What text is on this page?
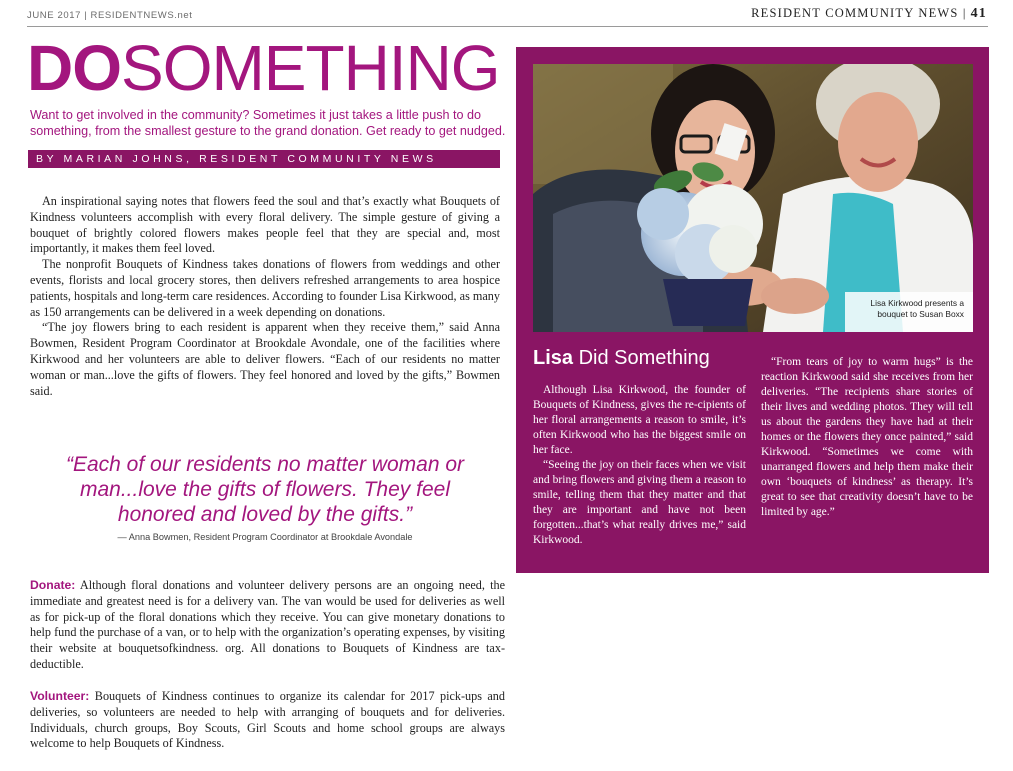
JUNE 2017 | RESIDENTNEWS.net	RESIDENT COMMUNITY NEWS | 41
DOSOMETHING
Want to get involved in the community? Sometimes it just takes a little push to do something, from the smallest gesture to the grand donation. Get ready to get nudged.
BY MARIAN JOHNS, RESIDENT COMMUNITY NEWS

An inspirational saying notes that flowers feed the soul and that’s exactly what Bouquets of Kindness volunteers accomplish with every floral delivery. The simple gesture of giving a bouquet of brightly colored flowers makes people feel that they are special and, most importantly, it makes them feel loved.

The nonprofit Bouquets of Kindness takes donations of flowers from weddings and other events, florists and local grocery stores, then delivers refreshed arrangements to area hospice patients, hospitals and long-term care residences. According to founder Lisa Kirkwood, as many as 150 arrangements can be delivered in a week depending on donations.

“The joy flowers bring to each resident is apparent when they receive them,” said Anna Bowmen, Resident Program Coordinator at Brookdale Avondale, one of the facilities where Kirkwood and her volunteers are able to deliver flowers. “Each of our residents no matter woman or man...love the gifts of flowers. They feel honored and loved by the gifts,” Bowmen said.

“Each of our residents no matter woman or man...love the gifts of flowers. They feel honored and loved by the gifts.”
— Anna Bowmen, Resident Program Coordinator at Brookdale Avondale
Donate: Although floral donations and volunteer delivery persons are an ongoing need, the immediate and greatest need is for a delivery van. The van would be used for deliveries as well as for pick-up of the floral donations which they receive. You can give monetary donations to help fund the purchase of a van, or to help with the organization’s operating expenses, by visiting their website at bouquetsofkindness. org. All donations to Bouquets of Kindness are tax-deductible.
Volunteer: Bouquets of Kindness continues to organize its calendar for 2017 pick-ups and deliveries, so volunteers are needed to help with arranging of bouquets and for deliveries. Individuals, church groups, Boy Scouts, Girl Scouts and home school groups are always welcome to help Bouquets of Kindness.
Lisa Kirkwood presents a bouquet to Susan Boxx
Lisa Did Something

Although Lisa Kirkwood, the founder of Bouquets of Kindness, gives the re-cipients of her floral arrangements a reason to smile, it’s often Kirkwood who has the biggest smile on her face.

“Seeing the joy on their faces when we visit and bring flowers and giving them a reason to smile, telling them that they matter and that they are important and have not been forgotten...that’s what really drives me,” said Kirkwood.

“From tears of joy to warm hugs” is the reaction Kirkwood said she receives from her deliveries. “The recipients share stories of their lives and wedding photos. They will tell us about the gardens they have had at their homes or the flowers they once painted,” said Kirkwood. “Sometimes we come with unarranged flowers and help them make their own ‘bouquets of kindness’ as therapy. It’s great to see that creativity doesn’t have to be limited by age.”
